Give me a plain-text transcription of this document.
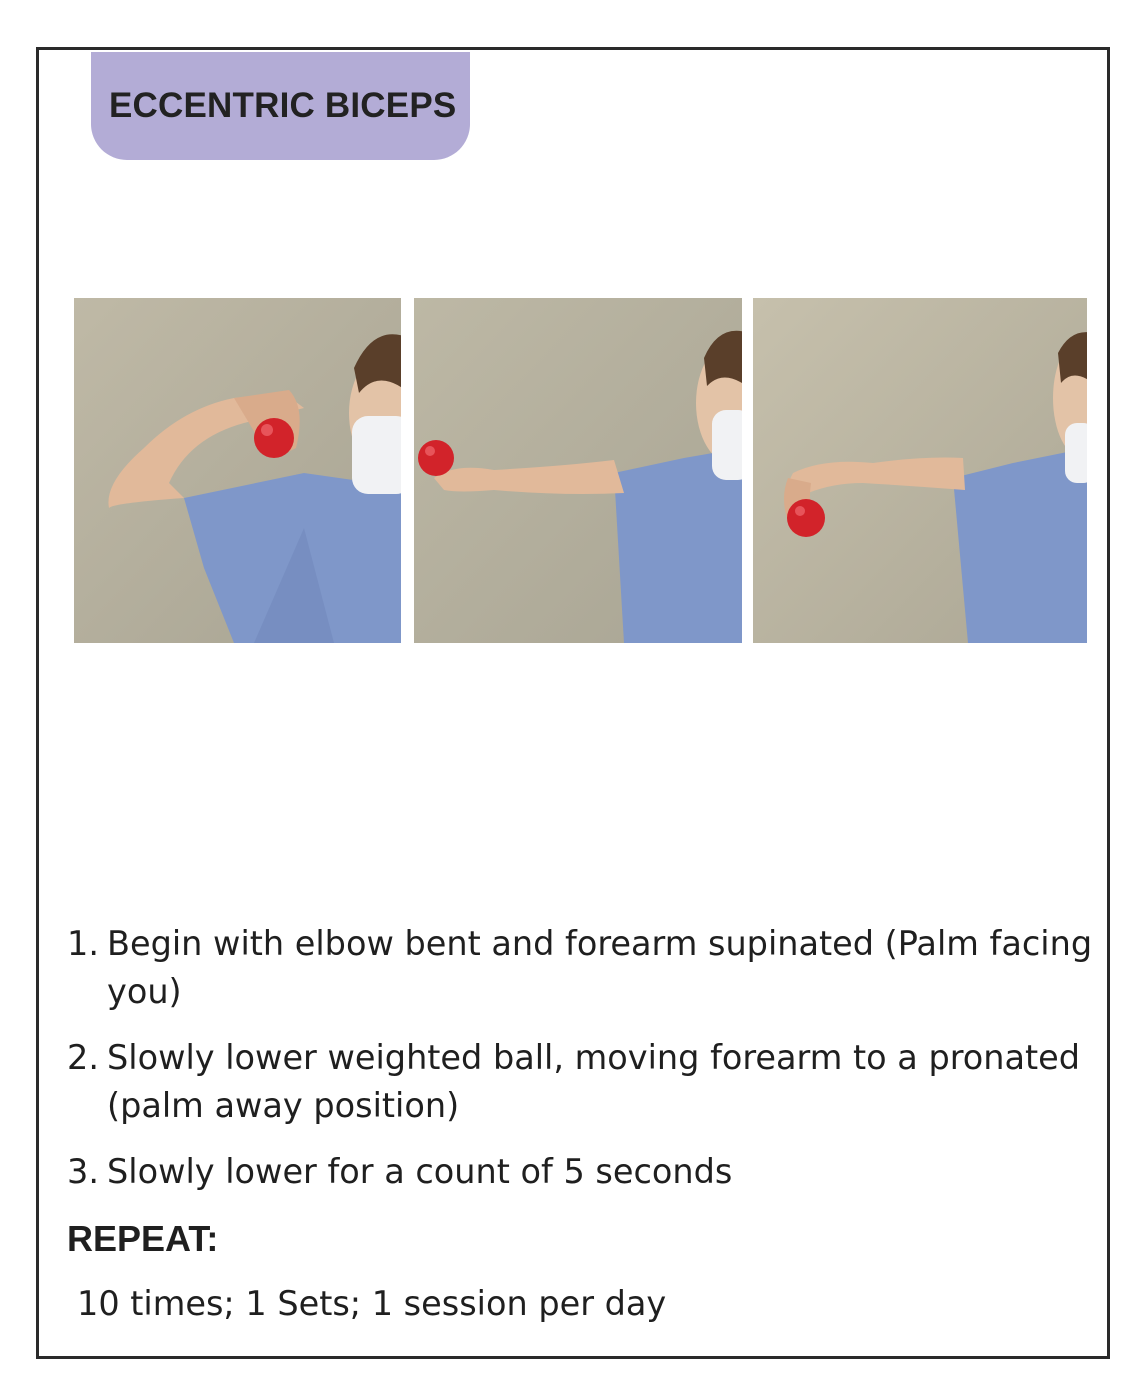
ECCENTRIC BICEPS
1. Begin with elbow bent and forearm supinated (Palm facing you)
2. Slowly lower weighted ball, moving forearm to a pronated (palm away position)
3. Slowly lower for a count of 5 seconds
REPEAT:
10 times; 1 Sets; 1 session per day
